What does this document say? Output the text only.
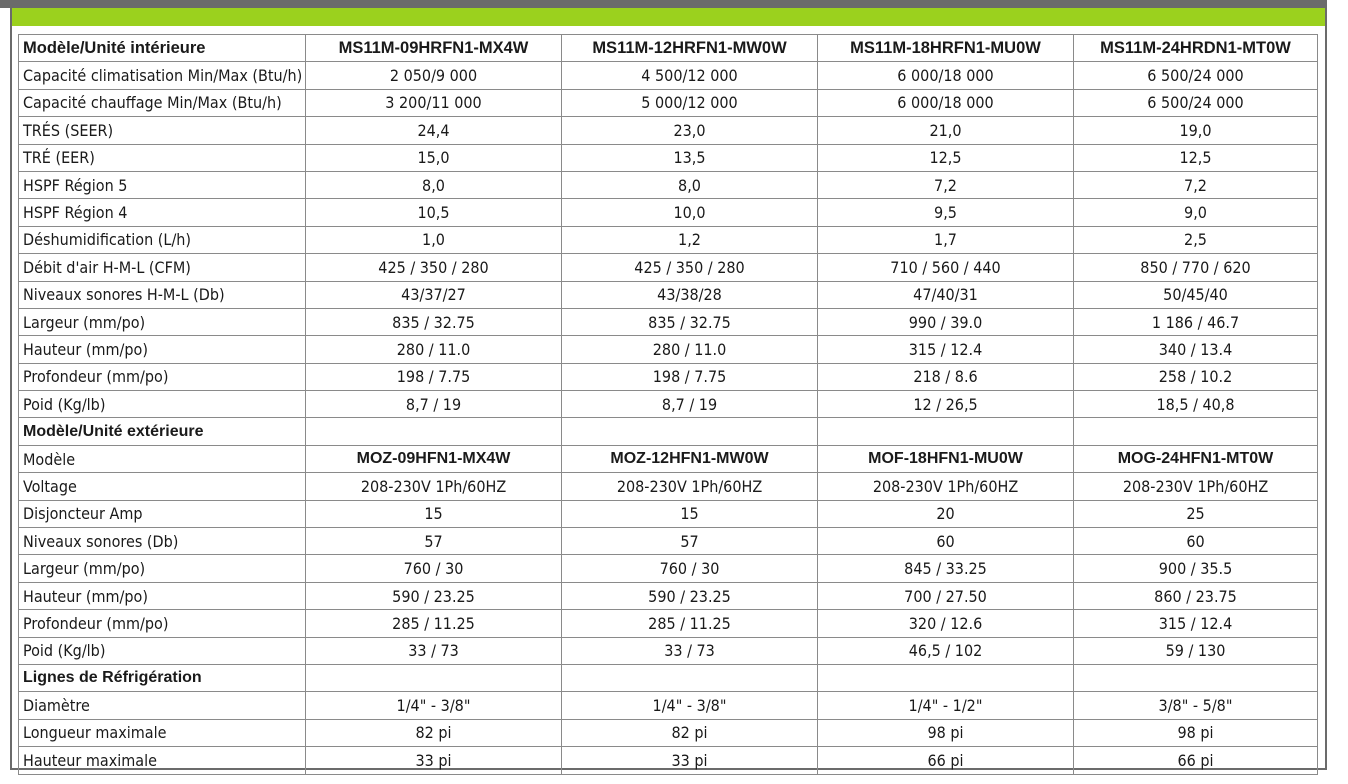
Modèle/Unité intérieure	MS11M-09HRFN1-MX4W	MS11M-12HRFN1-MW0W	MS11M-18HRFN1-MU0W	MS11M-24HRDN1-MT0W
Capacité climatisation Min/Max (Btu/h)	2 050/9 000	4 500/12 000	6 000/18 000	6 500/24 000
Capacité chauffage Min/Max (Btu/h)	3 200/11 000	5 000/12 000	6 000/18 000	6 500/24 000
TRÉS (SEER)	24,4	23,0	21,0	19,0
TRÉ (EER)	15,0	13,5	12,5	12,5
HSPF Région 5	8,0	8,0	7,2	7,2
HSPF Région 4	10,5	10,0	9,5	9,0
Déshumidification (L/h)	1,0	1,2	1,7	2,5
Débit d'air H-M-L (CFM)	425 / 350 / 280	425 / 350 / 280	710 / 560 / 440	850 / 770 / 620
Niveaux sonores H-M-L (Db)	43/37/27	43/38/28	47/40/31	50/45/40
Largeur (mm/po)	835 / 32.75	835 / 32.75	990 / 39.0	1 186 / 46.7
Hauteur (mm/po)	280 / 11.0	280 / 11.0	315 / 12.4	340 / 13.4
Profondeur (mm/po)	198 / 7.75	198 / 7.75	218 / 8.6	258 / 10.2
Poid (Kg/lb)	8,7 / 19	8,7 / 19	12 / 26,5	18,5 / 40,8
Modèle/Unité extérieure				
Modèle	MOZ-09HFN1-MX4W	MOZ-12HFN1-MW0W	MOF-18HFN1-MU0W	MOG-24HFN1-MT0W
Voltage	208-230V 1Ph/60HZ	208-230V 1Ph/60HZ	208-230V 1Ph/60HZ	208-230V 1Ph/60HZ
Disjoncteur Amp	15	15	20	25
Niveaux sonores (Db)	57	57	60	60
Largeur (mm/po)	760 / 30	760 / 30	845 / 33.25	900 / 35.5
Hauteur (mm/po)	590 / 23.25	590 / 23.25	700 / 27.50	860 / 23.75
Profondeur (mm/po)	285 / 11.25	285 / 11.25	320 / 12.6	315 / 12.4
Poid (Kg/lb)	33 / 73	33 / 73	46,5 / 102	59 / 130
Lignes de Réfrigération				
Diamètre	1/4" - 3/8"	1/4" - 3/8"	1/4" - 1/2"	3/8" - 5/8"
Longueur maximale	82 pi	82 pi	98 pi	98 pi
Hauteur maximale	33 pi	33 pi	66 pi	66 pi
